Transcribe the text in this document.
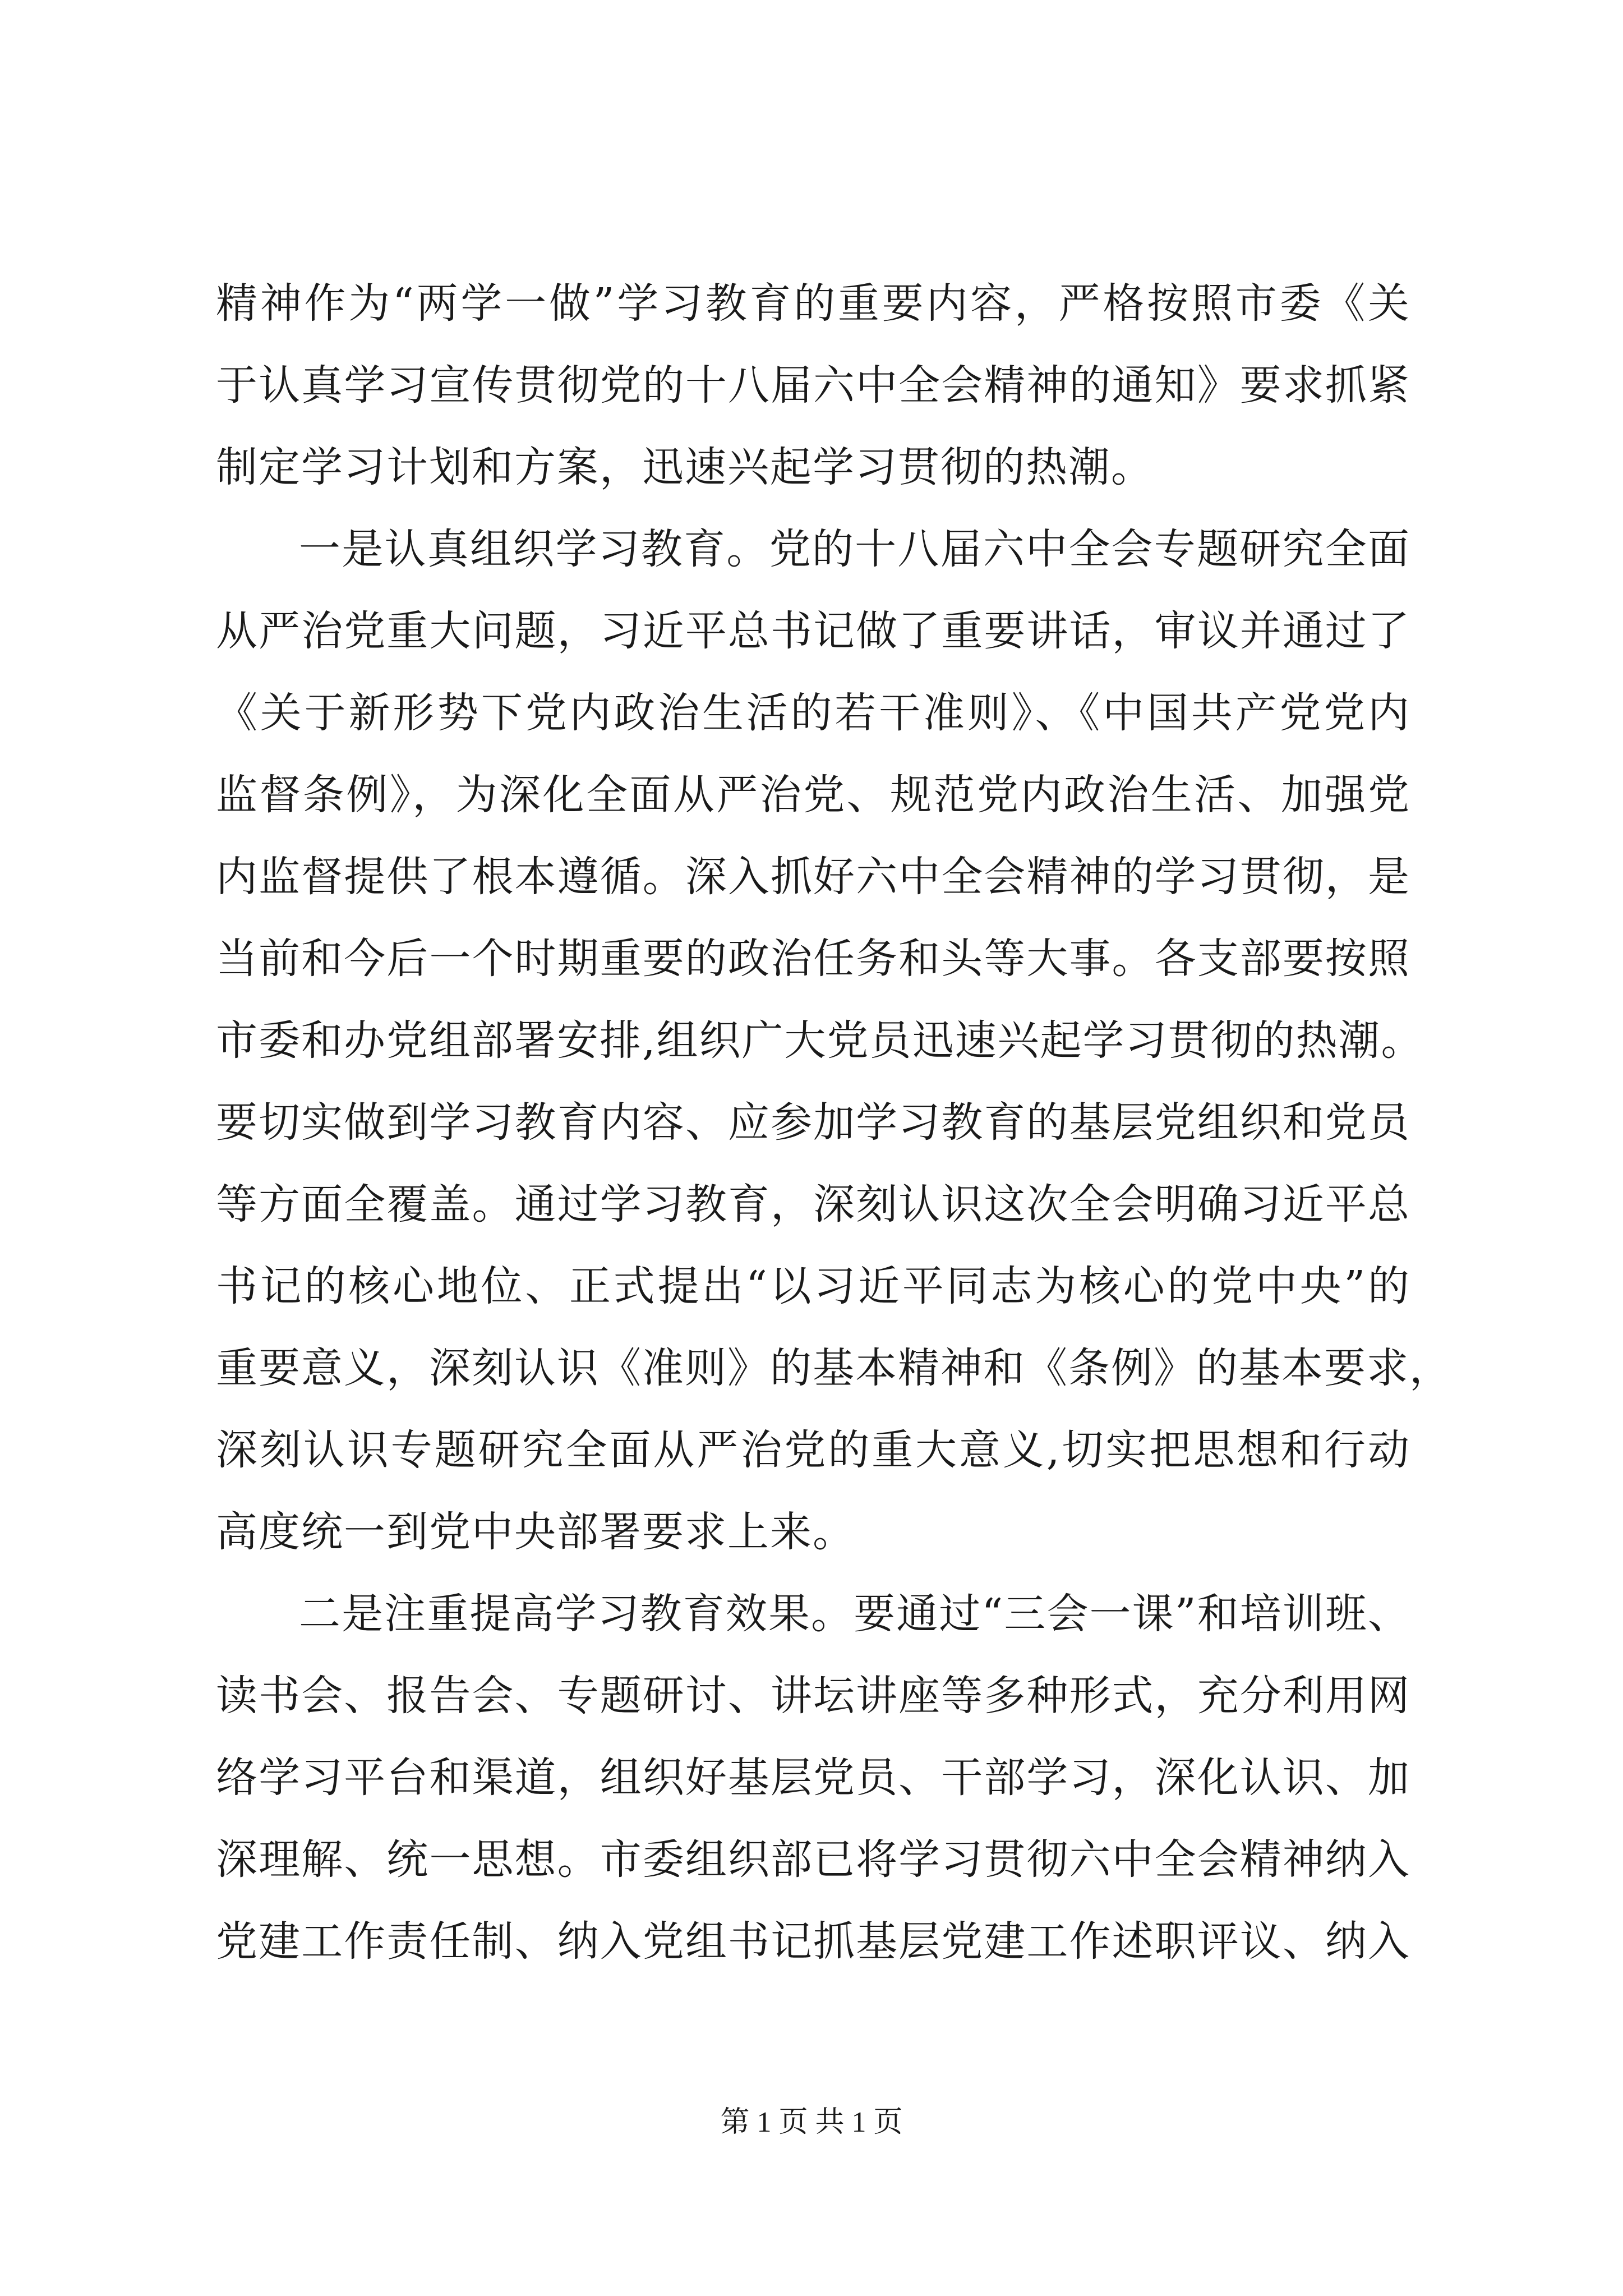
精神作为“两学一做”学习教育的重要内容，严格按照市委《关
于认真学习宣传贯彻党的十八届六中全会精神的通知》要求抓紧
制定学习计划和方案，迅速兴起学习贯彻的热潮。
一是认真组织学习教育。党的十八届六中全会专题研究全面
从严治党重大问题，习近平总书记做了重要讲话，审议并通过了
《关于新形势下党内政治生活的若干准则》、《中国共产党党内
监督条例》，为深化全面从严治党、规范党内政治生活、加强党
内监督提供了根本遵循。深入抓好六中全会精神的学习贯彻，是
当前和今后一个时期重要的政治任务和头等大事。各支部要按照
市委和办党组部署安排,组织广大党员迅速兴起学习贯彻的热潮。
要切实做到学习教育内容、应参加学习教育的基层党组织和党员
等方面全覆盖。通过学习教育，深刻认识这次全会明确习近平总
书记的核心地位、正式提出“以习近平同志为核心的党中央”的
重要意义，深刻认识《准则》的基本精神和《条例》的基本要求，
深刻认识专题研究全面从严治党的重大意义,切实把思想和行动
高度统一到党中央部署要求上来。
二是注重提高学习教育效果。要通过“三会一课”和培训班、
读书会、报告会、专题研讨、讲坛讲座等多种形式，充分利用网
络学习平台和渠道，组织好基层党员、干部学习，深化认识、加
深理解、统一思想。市委组织部已将学习贯彻六中全会精神纳入
党建工作责任制、纳入党组书记抓基层党建工作述职评议、纳入
第 1 页 共 1 页
